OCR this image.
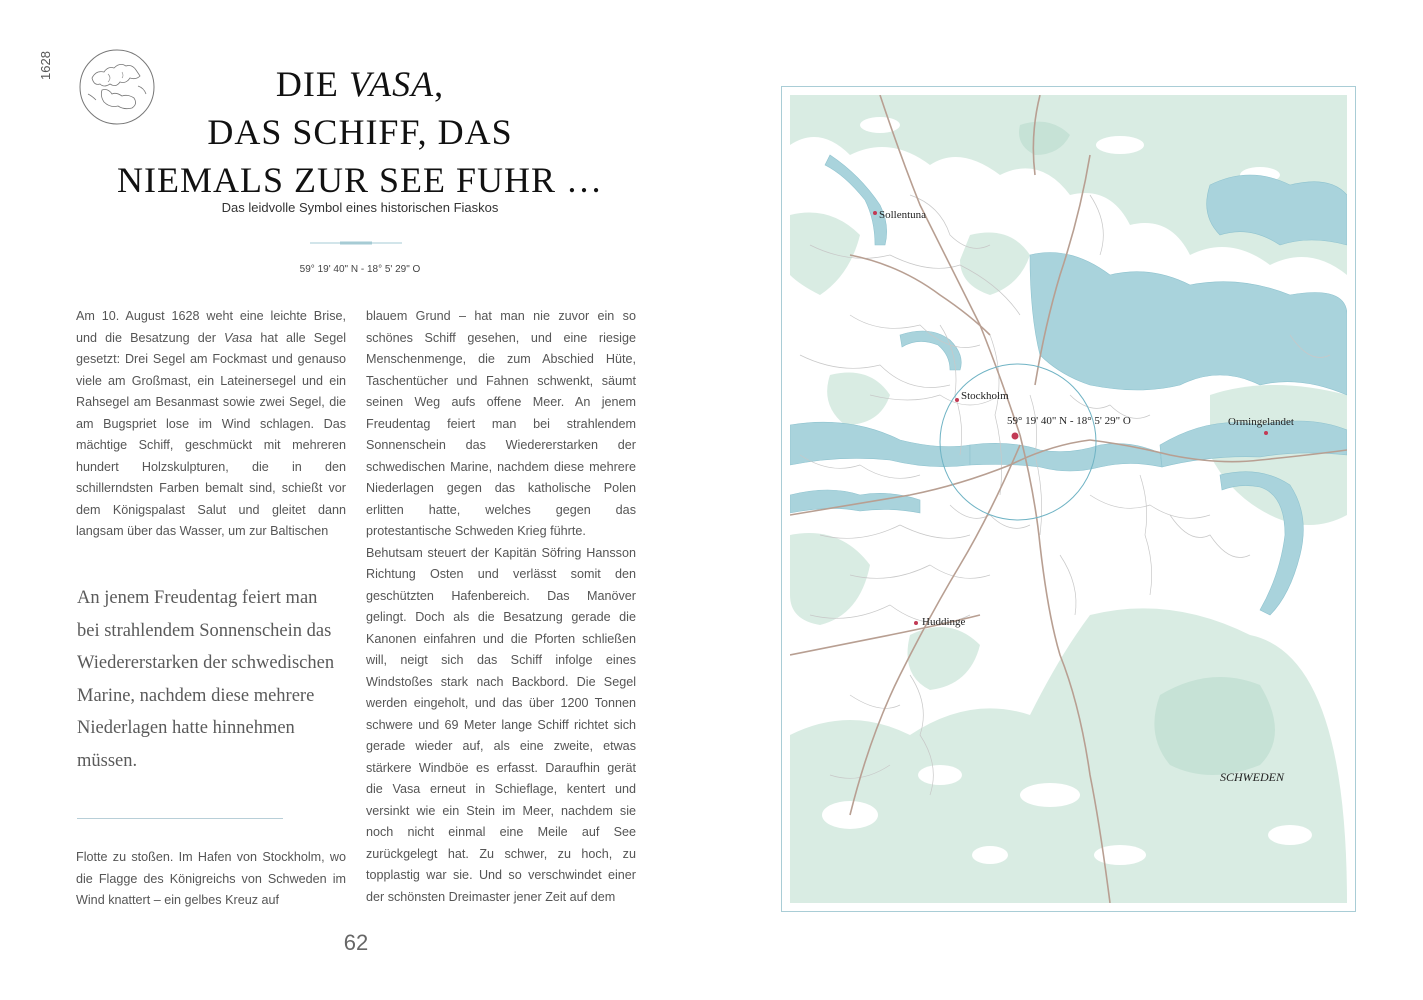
1628	DIE VASA,
DAS SCHIFF, DAS
NIEMALS ZUR SEE FUHR …
Das leidvolle Symbol eines historischen Fiaskos
59° 19' 40" N - 18° 5' 29" O

Am 10. August 1628 weht eine leichte Brise, und die Besatzung der Vasa hat alle Segel gesetzt: Drei Segel am Fockmast und genauso viele am Großmast, ein Lateinersegel und ein Rahsegel am Besanmast sowie zwei Segel, die am Bugspriet lose im Wind schlagen. Das mächtige Schiff, geschmückt mit mehreren hundert Holzskulpturen, die in den schillerndsten Farben bemalt sind, schießt vor dem Königspalast Salut und gleitet dann langsam über das Wasser, um zur Baltischen

An jenem Freudentag feiert man bei strahlendem Sonnenschein das Wiedererstarken der schwedischen Marine, nachdem diese mehrere Niederlagen hatte hinnehmen müssen.

Flotte zu stoßen. Im Hafen von Stockholm, wo die Flagge des Königreichs von Schweden im Wind knattert – ein gelbes Kreuz auf

blauem Grund – hat man nie zuvor ein so schönes Schiff gesehen, und eine riesige Menschenmenge, die zum Abschied Hüte, Taschentücher und Fahnen schwenkt, säumt seinen Weg aufs offene Meer. An jenem Freudentag feiert man bei strahlendem Sonnenschein das Wiedererstarken der schwedischen Marine, nachdem diese mehrere Niederlagen gegen das katholische Polen erlitten hatte, welches gegen das protestantische Schweden Krieg führte.

Behutsam steuert der Kapitän Söfring Hansson Richtung Osten und verlässt somit den geschützten Hafenbereich. Das Manöver gelingt. Doch als die Besatzung gerade die Kanonen einfahren und die Pforten schließen will, neigt sich das Schiff infolge eines Windstoßes stark nach Backbord. Die Segel werden eingeholt, und das über 1200 Tonnen schwere und 69 Meter lange Schiff richtet sich gerade wieder auf, als eine zweite, etwas stärkere Windböe es erfasst. Daraufhin gerät die Vasa erneut in Schieflage, kentert und versinkt wie ein Stein im Meer, nachdem sie noch nicht einmal eine Meile auf See zurückgelegt hat. Zu schwer, zu hoch, zu topplastig war sie. Und so verschwindet einer der schönsten Dreimaster jener Zeit auf dem

62
Sollentuna
Stockholm
59° 19' 40" N - 18° 5' 29" O	Ormingelandet
Huddinge
SCHWEDEN
